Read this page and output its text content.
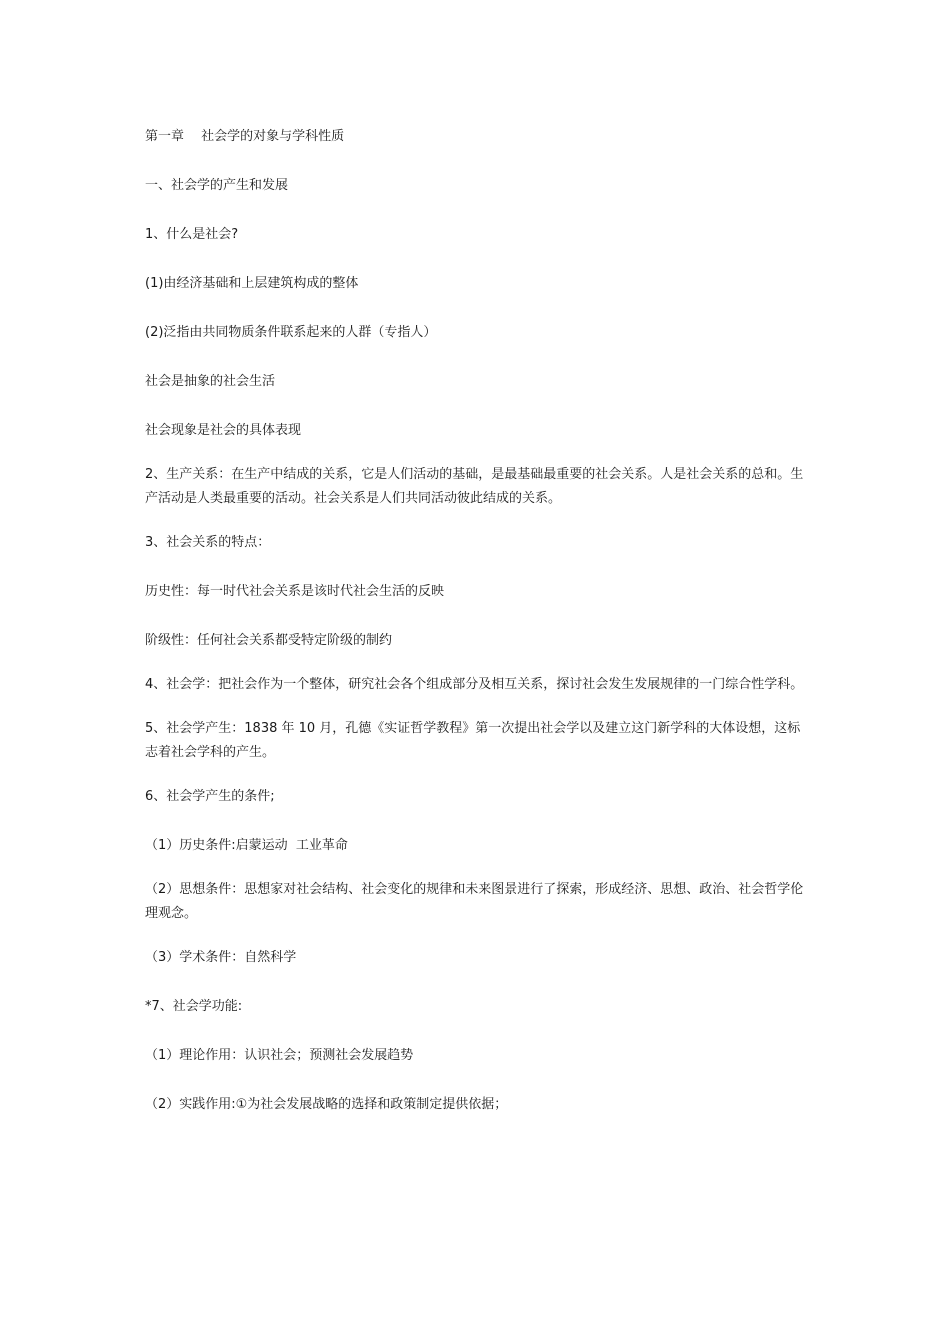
第一章　 社会学的对象与学科性质

一、社会学的产生和发展

1、什么是社会?

(1)由经济基础和上层建筑构成的整体

(2)泛指由共同物质条件联系起来的人群（专指人）

社会是抽象的社会生活

社会现象是社会的具体表现

2、生产关系：在生产中结成的关系，它是人们活动的基础，是最基础最重要的社会关系。人是社会关系的总和。生产活动是人类最重要的活动。社会关系是人们共同活动彼此结成的关系。

3、社会关系的特点：

历史性：每一时代社会关系是该时代社会生活的反映

阶级性：任何社会关系都受特定阶级的制约

4、社会学：把社会作为一个整体，研究社会各个组成部分及相互关系，探讨社会发生发展规律的一门综合性学科。

5、社会学产生：1838 年 10 月，孔德《实证哲学教程》第一次提出社会学以及建立这门新学科的大体设想，这标志着社会学科的产生。

6、社会学产生的条件;

（1）历史条件:启蒙运动  工业革命

（2）思想条件：思想家对社会结构、社会变化的规律和未来图景进行了探索，形成经济、思想、政治、社会哲学伦理观念。

（3）学术条件：自然科学

*7、社会学功能:

（1）理论作用：认识社会；预测社会发展趋势

（2）实践作用:①为社会发展战略的选择和政策制定提供依据；
